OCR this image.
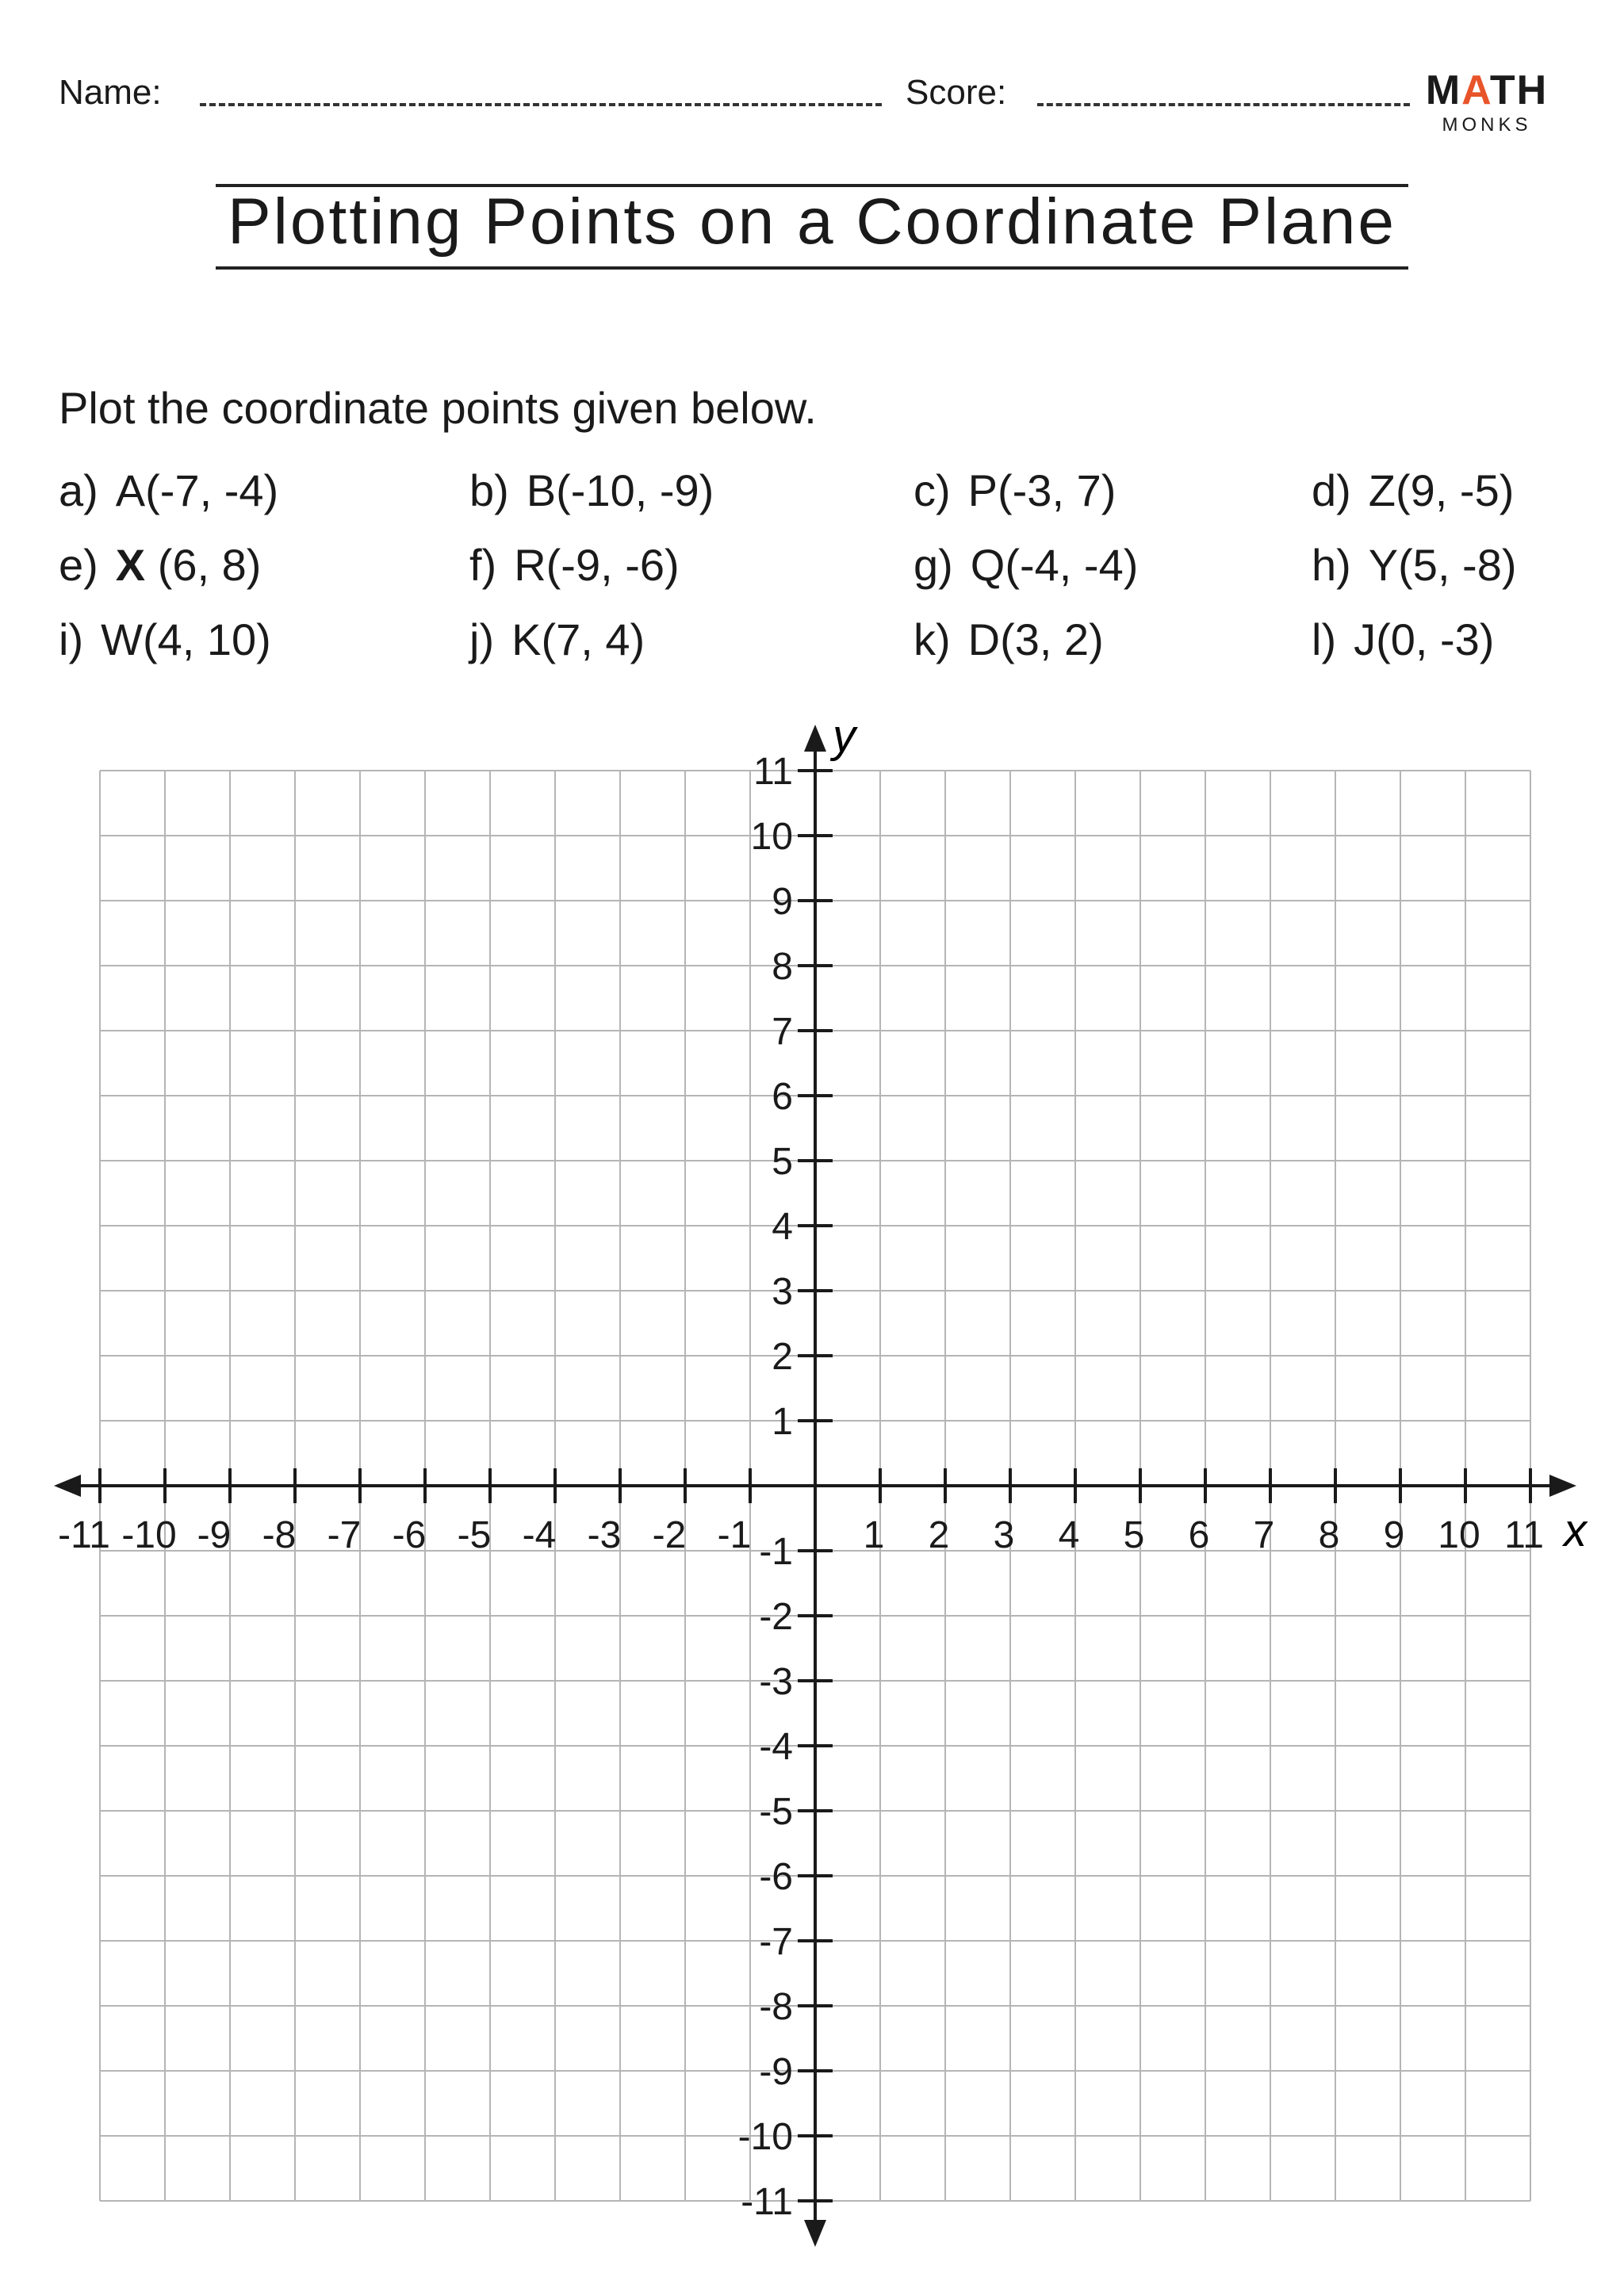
Name:	Score:	MATH
MONKS
Plotting Points on a Coordinate Plane
Plot the coordinate points given below.
a) A(-7, -4)	b) B(-10, -9)	c) P(-3, 7)	d) Z(9, -5)
e) X (6, 8)	f) R(-9, -6)	g) Q(-4, -4)	h) Y(5, -8)
i) W(4, 10)	j) K(7, 4)	k) D(3, 2)	l) J(0, -3)
-11 -10 -9 -8 -7 -6 -5 -4 -3 -2 -1	1 2 3 4 5 6 7 8 9 10 11
-11
-10
-9
-8
-7
-6
-5
-4
-3
-2
-1
1
2
3
4
5
6
7
8
9
10
11
x
y
